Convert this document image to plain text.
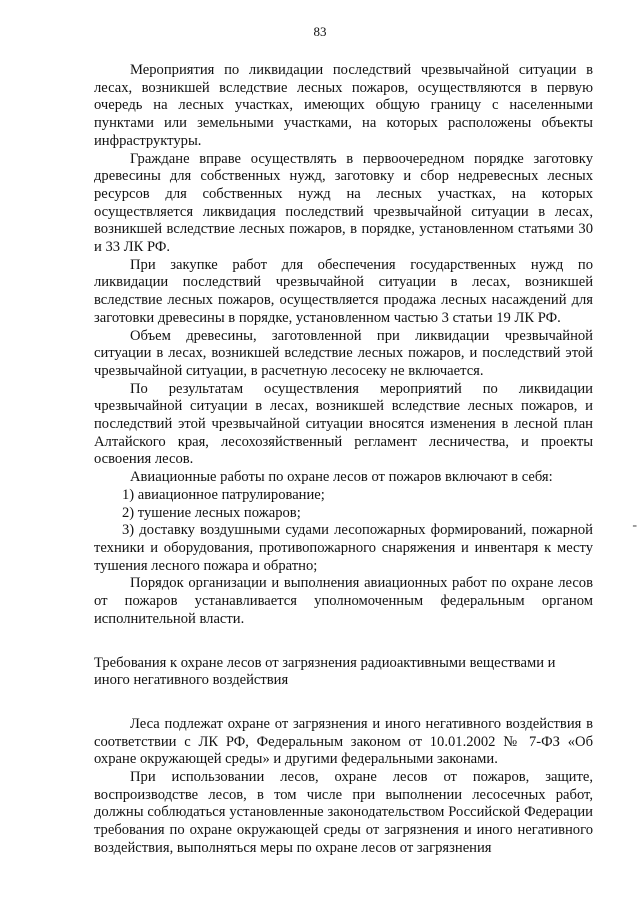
83

Мероприятия по ликвидации последствий чрезвычайной ситуации в лесах, возникшей вследствие лесных пожаров, осуществляются в первую очередь на лесных участках, имеющих общую границу с населенными пунктами или земельными участками, на которых расположены объекты инфраструктуры.

Граждане вправе осуществлять в первоочередном порядке заготовку древесины для собственных нужд, заготовку и сбор недревесных лесных ресурсов для собственных нужд на лесных участках, на которых осуществляется ликвидация последствий чрезвычайной ситуации в лесах, возникшей вследствие лесных пожаров, в порядке, установленном статьями 30 и 33 ЛК РФ.

При закупке работ для обеспечения государственных нужд по ликвидации последствий чрезвычайной ситуации в лесах, возникшей вследствие лесных пожаров, осуществляется продажа лесных насаждений для заготовки древесины в порядке, установленном частью 3 статьи 19 ЛК РФ.

Объем древесины, заготовленной при ликвидации чрезвычайной ситуации в лесах, возникшей вследствие лесных пожаров, и последствий этой чрезвычайной ситуации, в расчетную лесосеку не включается.

По результатам осуществления мероприятий по ликвидации чрезвычайной ситуации в лесах, возникшей вследствие лесных пожаров, и последствий этой чрезвычайной ситуации вносятся изменения в лесной план Алтайского края, лесохозяйственный регламент лесничества, и проекты освоения лесов.

Авиационные работы по охране лесов от пожаров включают в себя:

1) авиационное патрулирование;

2) тушение лесных пожаров;

3) доставку воздушными судами лесопожарных формирований, пожарной техники и оборудования, противопожарного снаряжения и инвентаря к месту тушения лесного пожара и обратно;

Порядок организации и выполнения авиационных работ по охране лесов от пожаров устанавливается уполномоченным федеральным органом исполнительной власти.

Требования к охране лесов от загрязнения радиоактивными веществами и иного негативного воздействия

Леса подлежат охране от загрязнения и иного негативного воздействия в соответствии с ЛК РФ, Федеральным законом от 10.01.2002 № 7-ФЗ «Об охране окружающей среды» и другими федеральными законами.

При использовании лесов, охране лесов от пожаров, защите, воспроизводстве лесов, в том числе при выполнении лесосечных работ, должны соблюдаться установленные законодательством Российской Федерации требования по охране окружающей среды от загрязнения и иного негативного воздействия, выполняться меры по охране лесов от загрязнения

-
